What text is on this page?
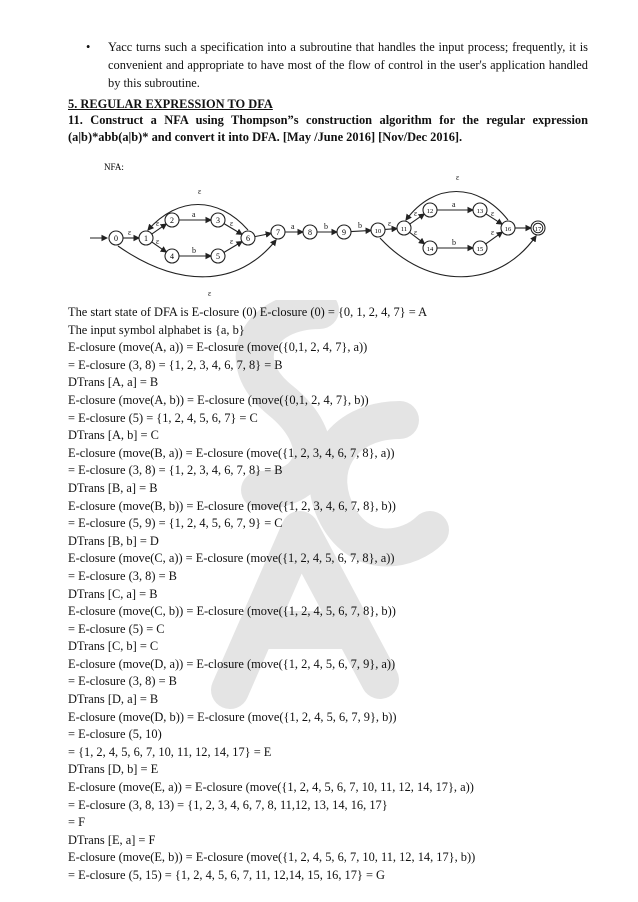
•	Yacc turns such a specification into a subroutine that handles the input process; frequently, it is convenient and appropriate to have most of the flow of control in the user's application handled by this subroutine.
5. REGULAR EXPRESSION TO DFA
11. Construct a NFA using Thompson”s construction algorithm for the regular expression (a|b)*abb(a|b)* and convert it into DFA. [May /June 2016] [Nov/Dec 2016].
NFA:
ε
ε
ε
a
b
ε
ε
ε
ε
a	b	b	ε
ε
ε
a
b
ε
ε
ε
0	1
2	3
4	5
6
7	8	9	10	11
12	13
14	15
16	17
The start state of DFA is E-closure (0) E-closure (0) = {0, 1, 2, 4, 7} = A
The input symbol alphabet is {a, b}
E-closure (move(A, a)) = E-closure (move({0,1, 2, 4, 7}, a))
= E-closure (3, 8) = {1, 2, 3, 4, 6, 7, 8} = B
DTrans [A, a] = B
E-closure (move(A, b)) = E-closure (move({0,1, 2, 4, 7}, b))
= E-closure (5) = {1, 2, 4, 5, 6, 7} = C
DTrans [A, b] = C
E-closure (move(B, a)) = E-closure (move({1, 2, 3, 4, 6, 7, 8}, a))
= E-closure (3, 8) = {1, 2, 3, 4, 6, 7, 8} = B
DTrans [B, a] = B
E-closure (move(B, b)) = E-closure (move({1, 2, 3, 4, 6, 7, 8}, b))
= E-closure (5, 9) = {1, 2, 4, 5, 6, 7, 9} = C
DTrans [B, b] = D
E-closure (move(C, a)) = E-closure (move({1, 2, 4, 5, 6, 7, 8}, a))
= E-closure (3, 8) = B
DTrans [C, a] = B
E-closure (move(C, b)) = E-closure (move({1, 2, 4, 5, 6, 7, 8}, b))
= E-closure (5) = C
DTrans [C, b] = C
E-closure (move(D, a)) = E-closure (move({1, 2, 4, 5, 6, 7, 9}, a))
= E-closure (3, 8) = B
DTrans [D, a] = B
E-closure (move(D, b)) = E-closure (move({1, 2, 4, 5, 6, 7, 9}, b))
= E-closure (5, 10)
= {1, 2, 4, 5, 6, 7, 10, 11, 12, 14, 17} = E
DTrans [D, b] = E
E-closure (move(E, a)) = E-closure (move({1, 2, 4, 5, 6, 7, 10, 11, 12, 14, 17}, a))
= E-closure (3, 8, 13) = {1, 2, 3, 4, 6, 7, 8, 11,12, 13, 14, 16, 17}
= F
DTrans [E, a] = F
E-closure (move(E, b)) = E-closure (move({1, 2, 4, 5, 6, 7, 10, 11, 12, 14, 17}, b))
= E-closure (5, 15) = {1, 2, 4, 5, 6, 7, 11, 12,14, 15, 16, 17} = G
